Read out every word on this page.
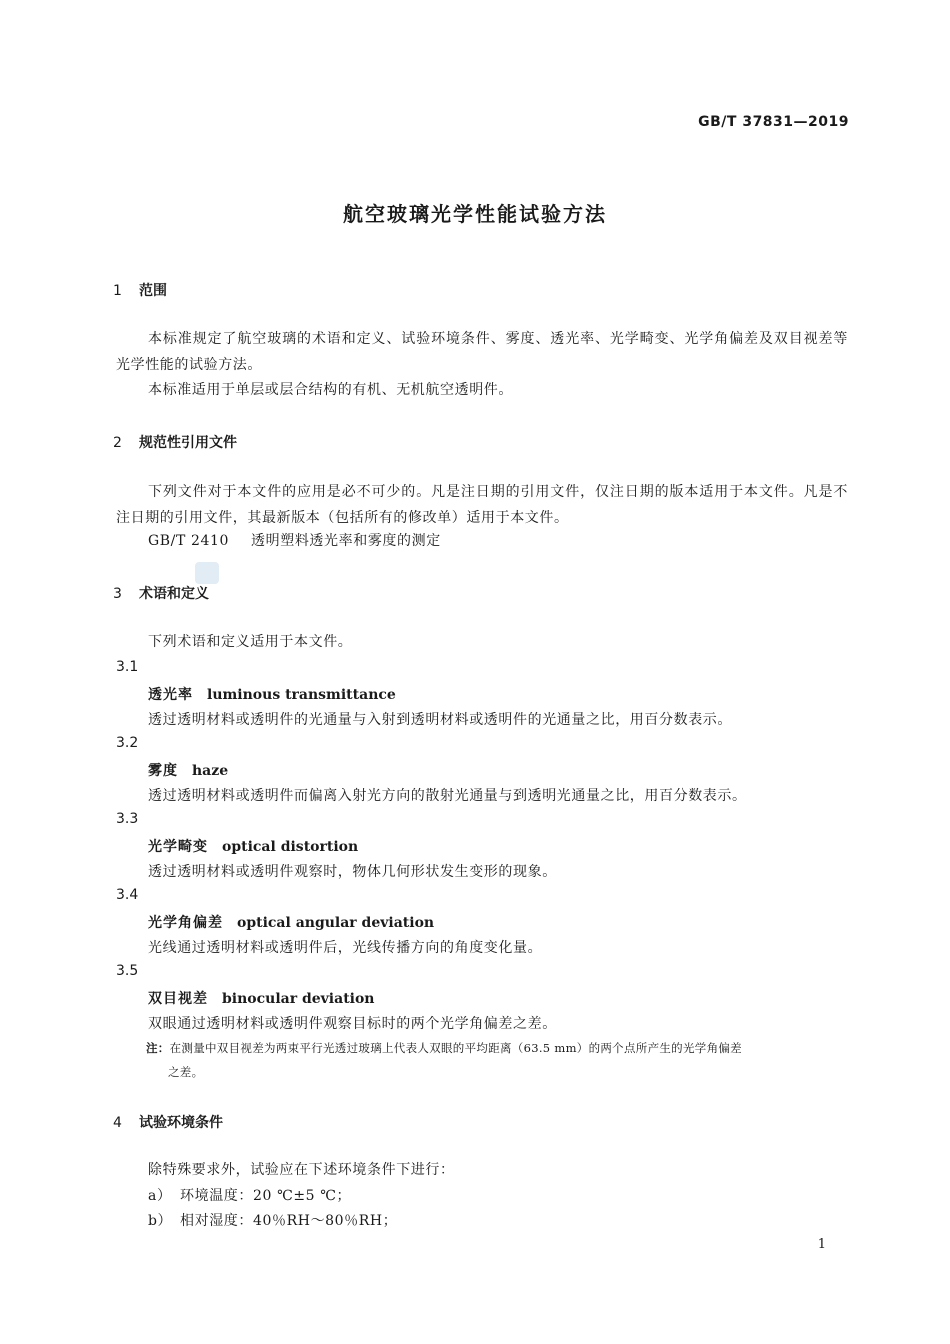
GB/T 37831—2019
航空玻璃光学性能试验方法
1 范围
本标准规定了航空玻璃的术语和定义、试验环境条件、雾度、透光率、光学畸变、光学角偏差及双目视差等光学性能的试验方法。
本标准适用于单层或层合结构的有机、无机航空透明件。
2 规范性引用文件
下列文件对于本文件的应用是必不可少的。凡是注日期的引用文件，仅注日期的版本适用于本文件。凡是不注日期的引用文件，其最新版本（包括所有的修改单）适用于本文件。
GB/T 2410 透明塑料透光率和雾度的测定
3 术语和定义
下列术语和定义适用于本文件。
3.1
透光率 luminous transmittance
透过透明材料或透明件的光通量与入射到透明材料或透明件的光通量之比，用百分数表示。
3.2
雾度 haze
透过透明材料或透明件而偏离入射光方向的散射光通量与到透明光通量之比，用百分数表示。
3.3
光学畸变 optical distortion
透过透明材料或透明件观察时，物体几何形状发生变形的现象。
3.4
光学角偏差 optical angular deviation
光线通过透明材料或透明件后，光线传播方向的角度变化量。
3.5
双目视差 binocular deviation
双眼通过透明材料或透明件观察目标时的两个光学角偏差之差。
注：在测量中双目视差为两束平行光透过玻璃上代表人双眼的平均距离（63.5 mm）的两个点所产生的光学角偏差
之差。
4 试验环境条件
除特殊要求外，试验应在下述环境条件下进行：
a） 环境温度：20 ℃±5 ℃；
b） 相对湿度：40％RH～80％RH；
1
